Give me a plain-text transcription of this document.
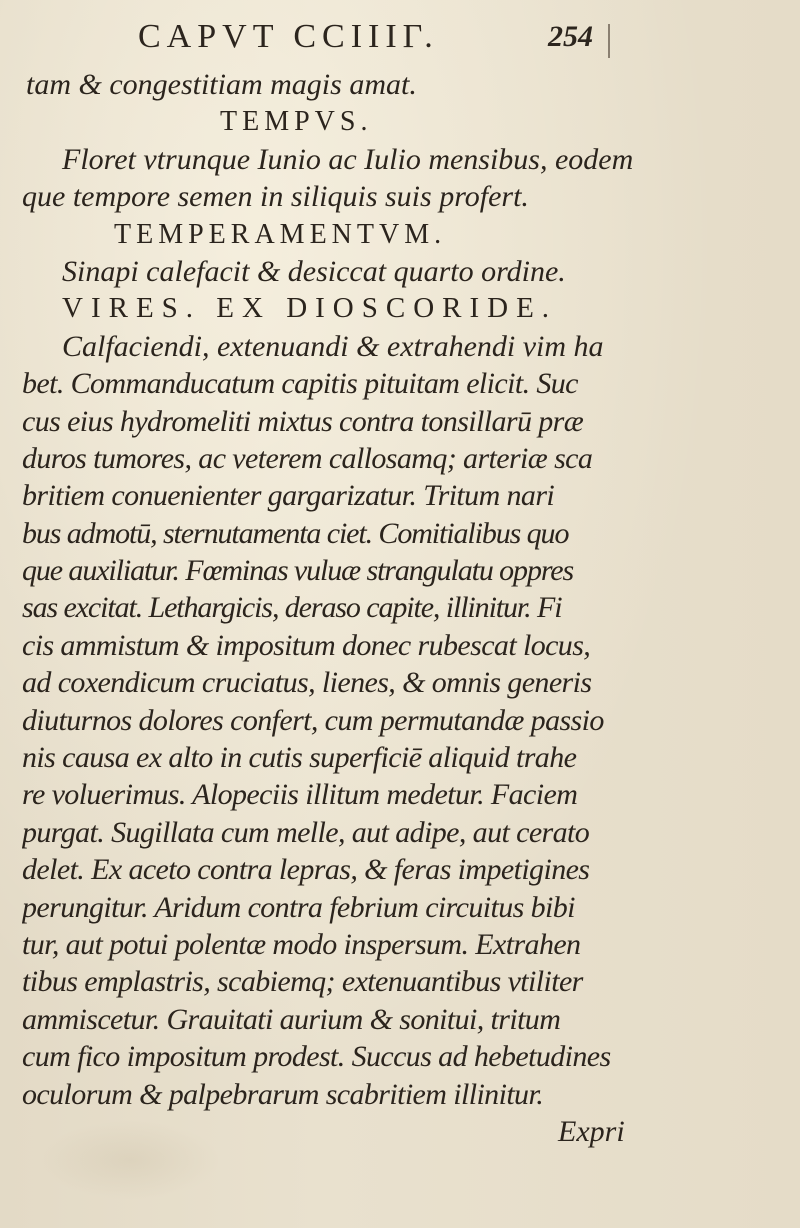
CAPVT CCIIIΓ.	254
tam & congestitiam magis amat.
TEMPVS.
Floret vtrunque Iunio ac Iulio mensibus, eodem
que tempore semen in siliquis suis profert.
TEMPERAMENTVM.
Sinapi calefacit & desiccat quarto ordine.
VIRES. EX DIOSCORIDE.
Calfaciendi, extenuandi & extrahendi vim ha
bet. Commanducatum capitis pituitam elicit. Suc
cus eius hydromeliti mixtus contra tonsillarū præ
duros tumores, ac veterem callosamq; arteriæ sca
britiem conuenienter gargarizatur. Tritum nari
bus admotū, sternutamenta ciet. Comitialibus quo
que auxiliatur. Fœminas vuluæ strangulatu oppres
sas excitat. Lethargicis, deraso capite, illinitur. Fi
cis ammistum & impositum donec rubescat locus,
ad coxendicum cruciatus, lienes, & omnis generis
diuturnos dolores confert, cum permutandæ passio
nis causa ex alto in cutis superficiē aliquid trahe
re voluerimus. Alopeciis illitum medetur. Faciem
purgat. Sugillata cum melle, aut adipe, aut cerato
delet. Ex aceto contra lepras, & feras impetigines
perungitur. Aridum contra febrium circuitus bibi
tur, aut potui polentæ modo inspersum. Extrahen
tibus emplastris, scabiemq; extenuantibus vtiliter
ammiscetur. Grauitati aurium & sonitui, tritum
cum fico impositum prodest. Succus ad hebetudines
oculorum & palpebrarum scabritiem illinitur.
Expri
